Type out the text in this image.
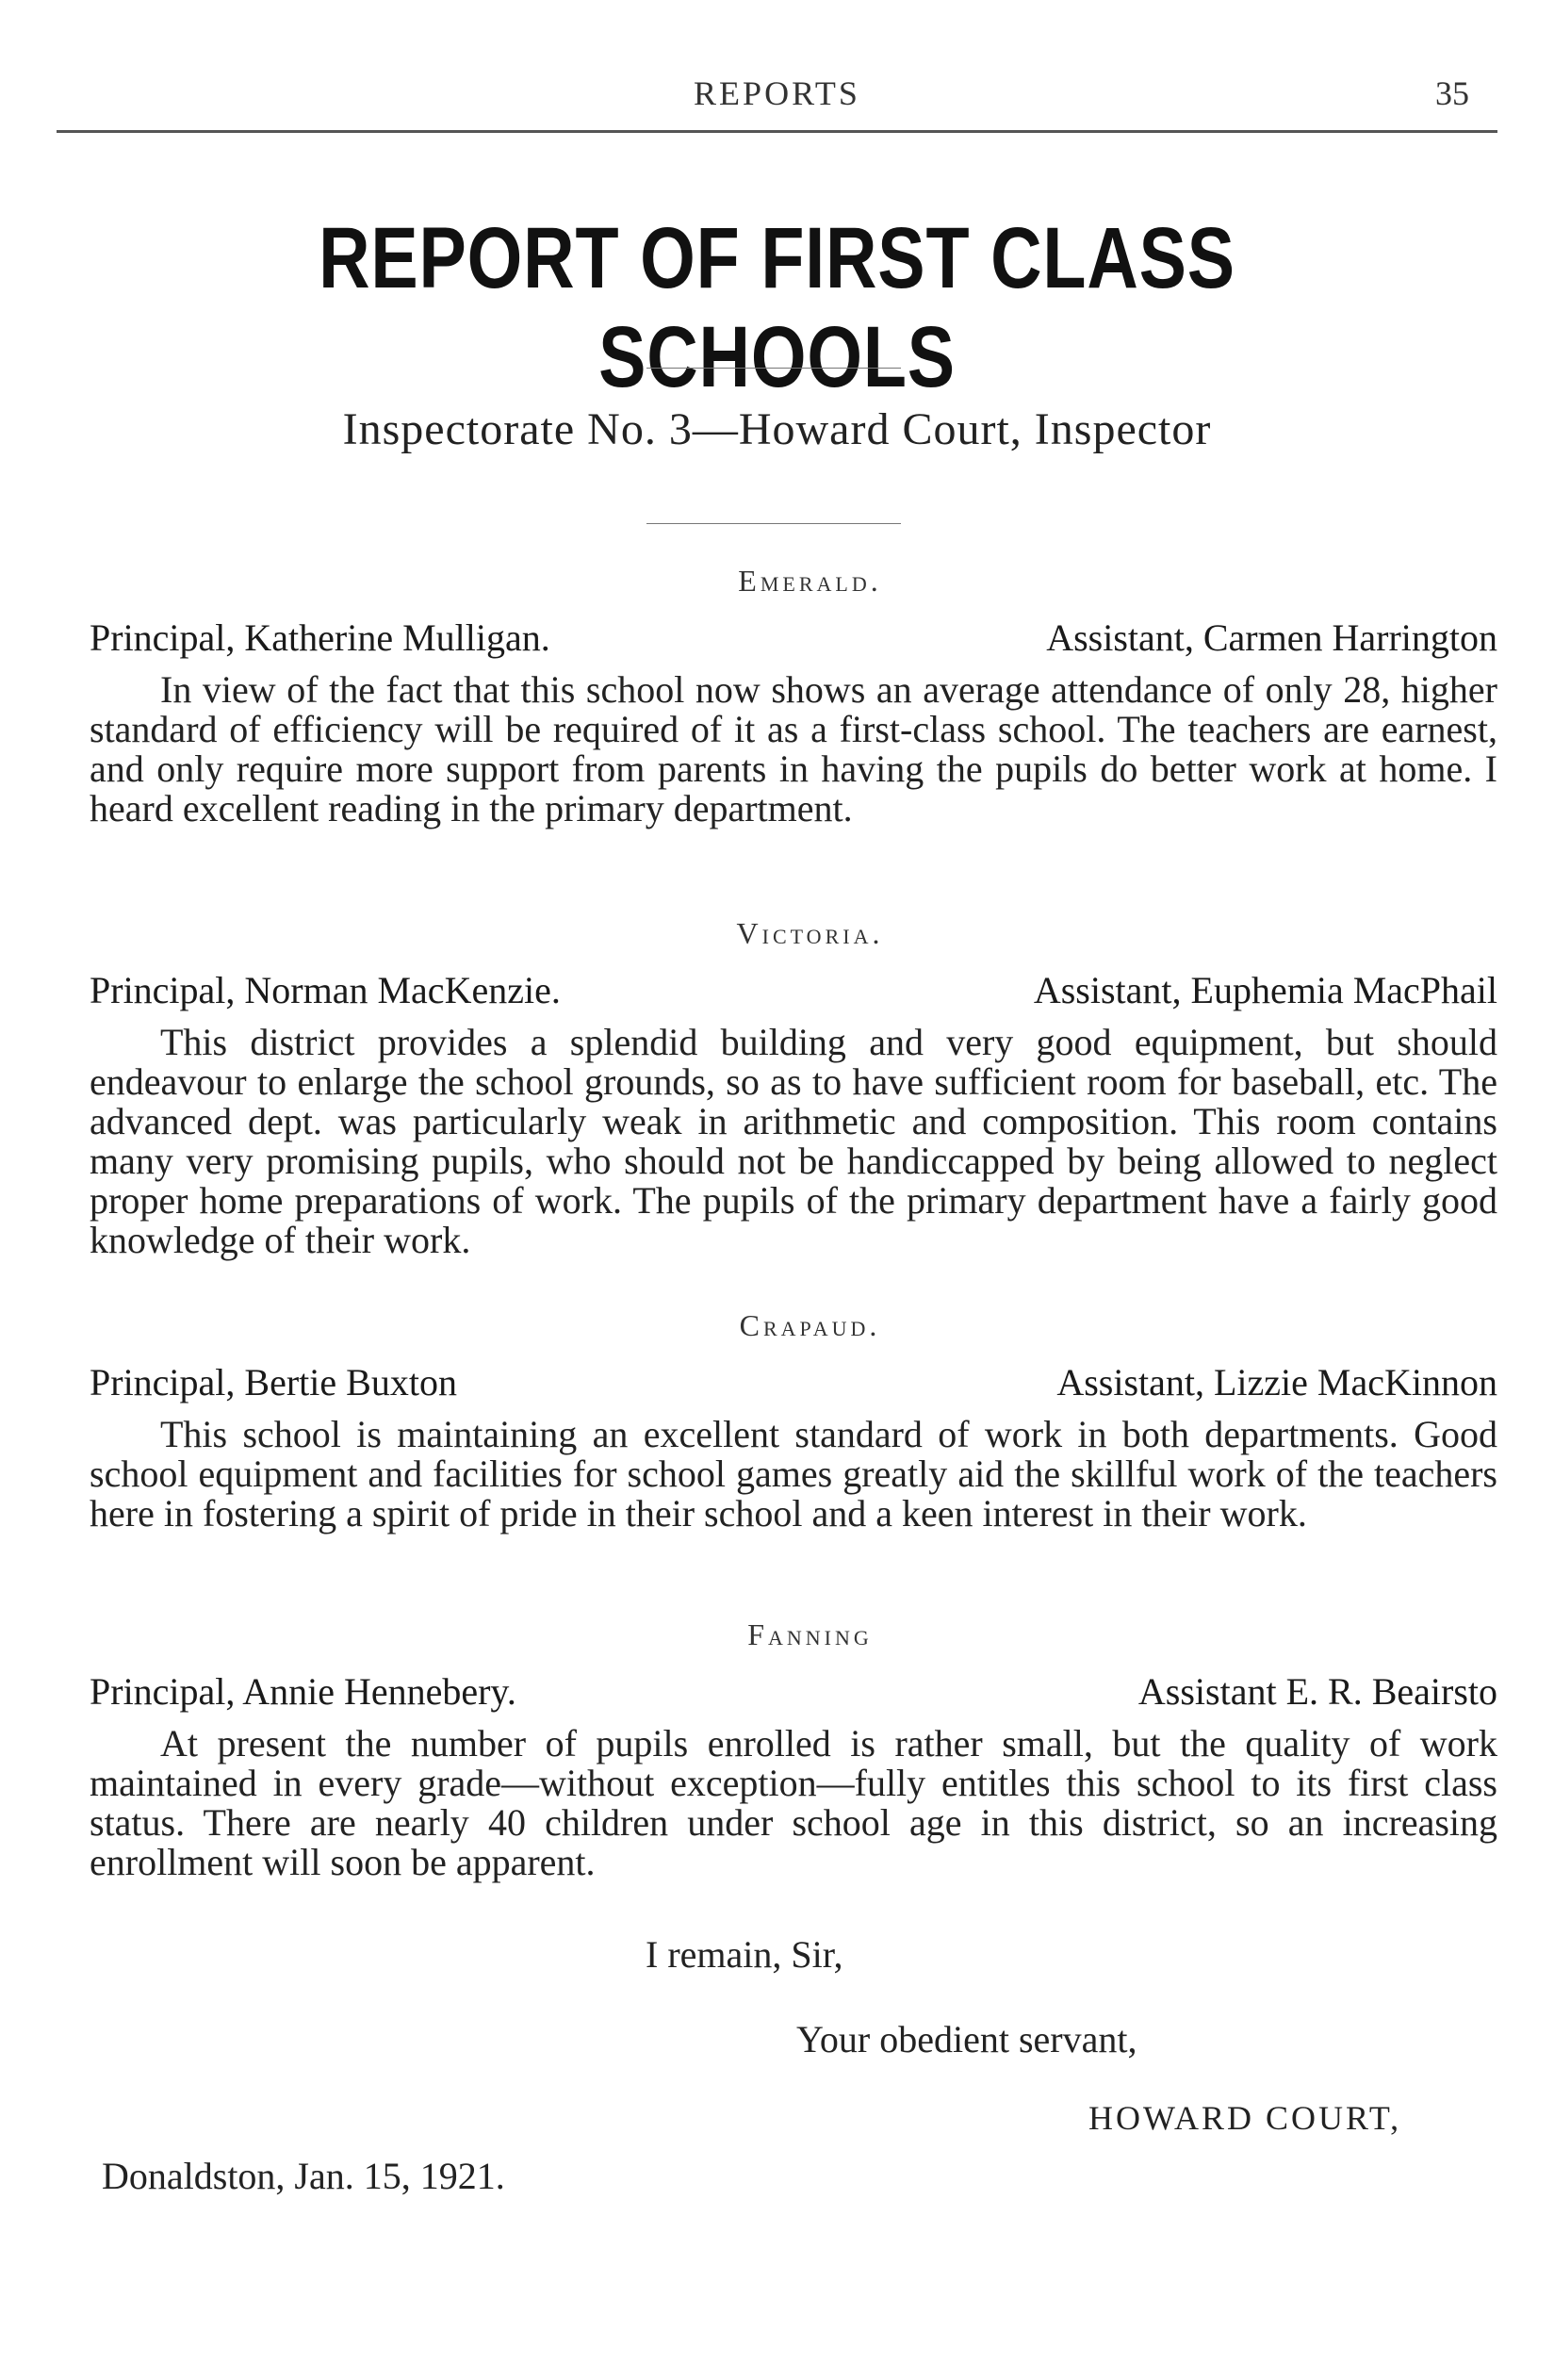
REPORTS	35
REPORT OF FIRST CLASS SCHOOLS
Inspectorate No. 3—Howard Court, Inspector
Emerald.
Principal, Katherine Mulligan.	Assistant, Carmen Harrington
In view of the fact that this school now shows an average attendance of only 28, higher standard of efficiency will be required of it as a first-class school. The teachers are earnest, and only require more support from parents in having the pupils do better work at home. I heard excellent reading in the primary department.
Victoria.
Principal, Norman MacKenzie.	Assistant, Euphemia MacPhail
This district provides a splendid building and very good equipment, but should endeavour to enlarge the school grounds, so as to have sufficient room for baseball, etc. The advanced dept. was particularly weak in arithmetic and composition. This room contains many very promising pupils, who should not be handiccapped by being allowed to neglect proper home preparations of work. The pupils of the primary department have a fairly good knowledge of their work.
Crapaud.
Principal, Bertie Buxton	Assistant, Lizzie MacKinnon
This school is maintaining an excellent standard of work in both departments. Good school equipment and facilities for school games greatly aid the skillful work of the teachers here in fostering a spirit of pride in their school and a keen interest in their work.
Fanning
Principal, Annie Hennebery.	Assistant E. R. Beairsto
At present the number of pupils enrolled is rather small, but the quality of work maintained in every grade—without exception—fully entitles this school to its first class status. There are nearly 40 children under school age in this district, so an increasing enrollment will soon be apparent.
I remain, Sir,
Your obedient servant,
HOWARD COURT,
Donaldston, Jan. 15, 1921.
